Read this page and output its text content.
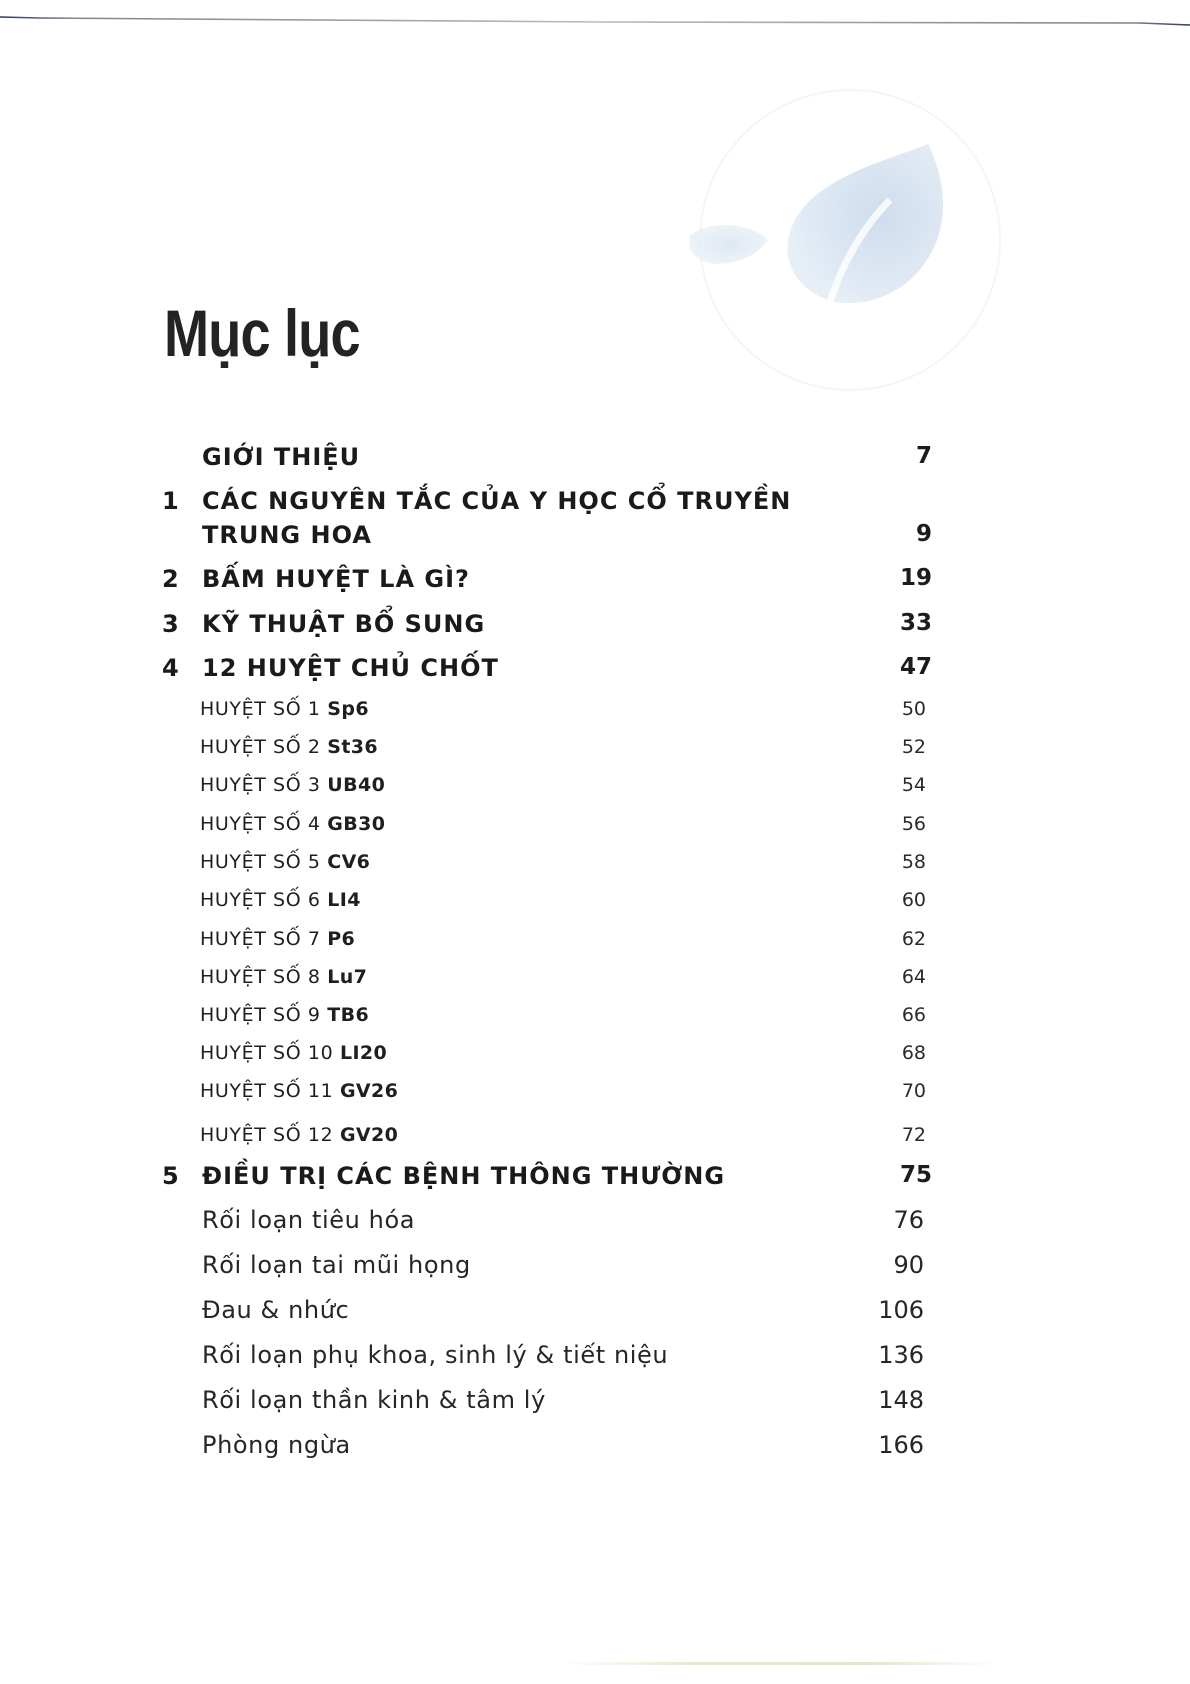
Mục lục
GIỚI THIỆU	7
1 CÁC NGUYÊN TẮC CỦA Y HỌC CỔ TRUYỀN
TRUNG HOA	9
2 BẤM HUYỆT LÀ GÌ?	19
3 KỸ THUẬT BỔ SUNG	33
4 12 HUYỆT CHỦ CHỐT	47
HUYỆT SỐ 1 Sp6	50
HUYỆT SỐ 2 St36	52
HUYỆT SỐ 3 UB40	54
HUYỆT SỐ 4 GB30	56
HUYỆT SỐ 5 CV6	58
HUYỆT SỐ 6 LI4	60
HUYỆT SỐ 7 P6	62
HUYỆT SỐ 8 Lu7	64
HUYỆT SỐ 9 TB6	66
HUYỆT SỐ 10 LI20	68
HUYỆT SỐ 11 GV26	70
HUYỆT SỐ 12 GV20	72
5 ĐIỀU TRỊ CÁC BỆNH THÔNG THƯỜNG	75
Rối loạn tiêu hóa	76
Rối loạn tai mũi họng	90
Đau & nhức	106
Rối loạn phụ khoa, sinh lý & tiết niệu	136
Rối loạn thần kinh & tâm lý	148
Phòng ngừa	166
